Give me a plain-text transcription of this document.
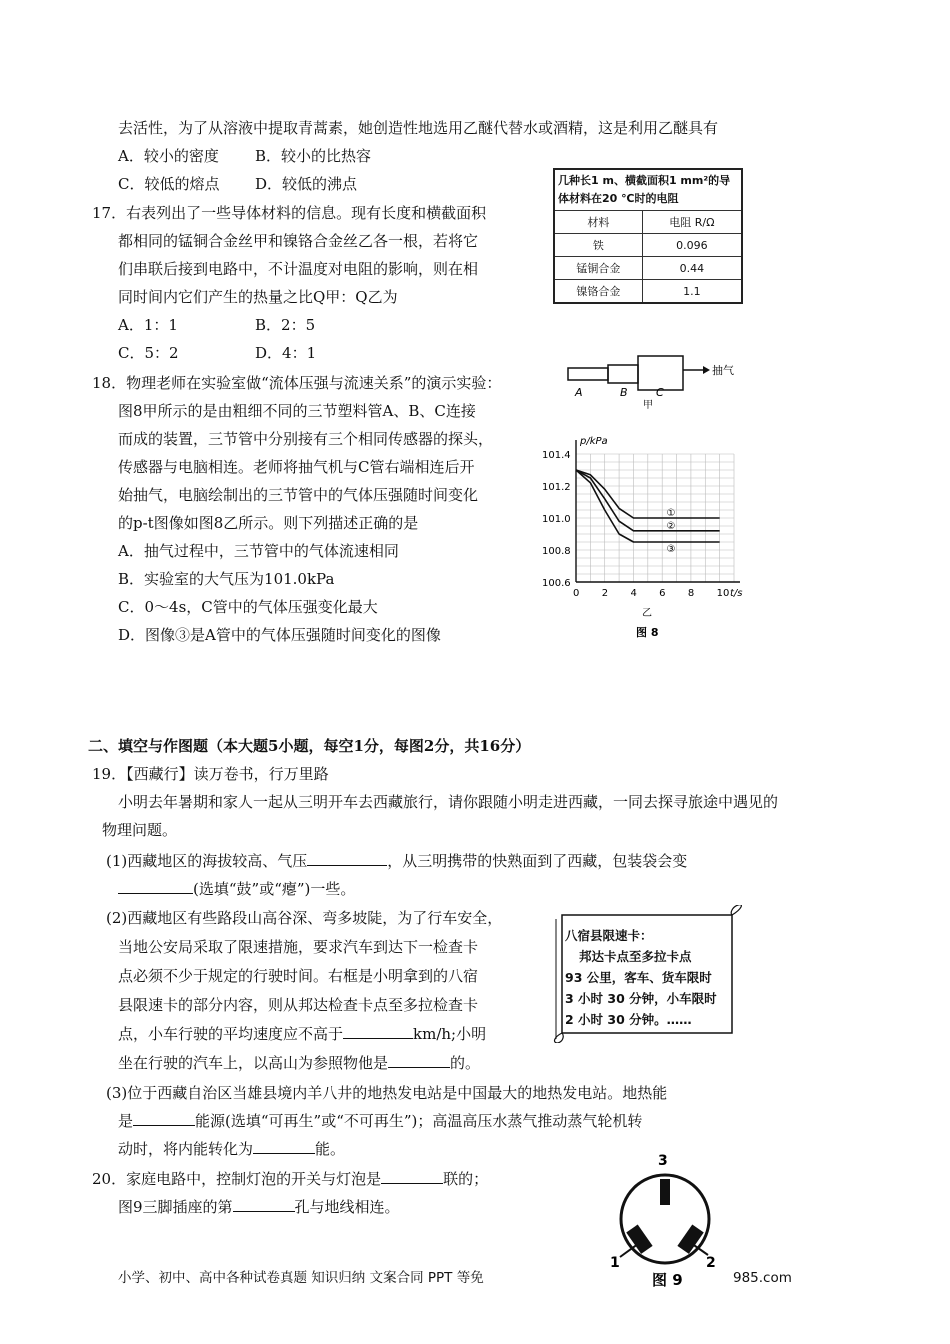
去活性，为了从溶液中提取青蒿素，她创造性地选用乙醚代替水或酒精，这是利用乙醚具有
A．较小的密度 B．较小的比热容
C．较低的熔点 D．较低的沸点
17．右表列出了一些导体材料的信息。现有长度和横截面积
都相同的锰铜合金丝甲和镍铬合金丝乙各一根，若将它
们串联后接到电路中，不计温度对电阻的影响，则在相
同时间内它们产生的热量之比Q甲：Q乙为
A．1：1	B．2：5
C．5：2	D．4：1
几种长1 m、横截面积1 mm²的导体材料在20 ℃时的电阻	
材料	电阻 R/Ω
铁	0.096
锰铜合金	0.44
镍铬合金	1.1
18．物理老师在实验室做“流体压强与流速关系”的演示实验：
图8甲所示的是由粗细不同的三节塑料管A、B、C连接
而成的装置，三节管中分别接有三个相同传感器的探头，
传感器与电脑相连。老师将抽气机与C管右端相连后开
始抽气，电脑绘制出的三节管中的气体压强随时间变化
的p-t图像如图8乙所示。则下列描述正确的是
A．抽气过程中，三节管中的气体流速相同
B．实验室的大气压为101.0kPa
C．0～4s，C管中的气体压强变化最大
D．图像③是A管中的气体压强随时间变化的图像
抽气
A	B	C
甲
101.4
101.2
101.0
100.8
100.6
0 2 4 6 8 10
①
②
③
p/kPa
t/s
乙
图 8
二、填空与作图题（本大题5小题，每空1分，每图2分，共16分）
19．【西藏行】读万卷书，行万里路
小明去年暑期和家人一起从三明开车去西藏旅行，请你跟随小明走进西藏，一同去探寻旅途中遇见的
物理问题。
(1)西藏地区的海拔较高、气压	，从三明携带的快熟面到了西藏，包装袋会变
(选填“鼓”或“瘪”)一些。
(2)西藏地区有些路段山高谷深、弯多坡陡，为了行车安全，
当地公安局采取了限速措施，要求汽车到达下一检查卡
点必须不少于规定的行驶时间。右框是小明拿到的八宿
县限速卡的部分内容，则从邦达检查卡点至多拉检查卡
点，小车行驶的平均速度应不高于	km/h;小明
坐在行驶的汽车上，以高山为参照物他是	的。
八宿县限速卡：
邦达卡点至多拉卡点
93 公里，客车、货车限时
3 小时 30 分钟，小车限时
2 小时 30 分钟。……
(3)位于西藏自治区当雄县境内羊八井的地热发电站是中国最大的地热发电站。地热能
是	能源(选填“可再生”或“不可再生”)；高温高压水蒸气推动蒸气轮机转
动时，将内能转化为	能。
20．家庭电路中，控制灯泡的开关与灯泡是	联的；
图9三脚插座的第	孔与地线相连。
3
1	2
图 9
小学、初中、高中各种试卷真题 知识归纳 文案合同 PPT 等免	985.com
